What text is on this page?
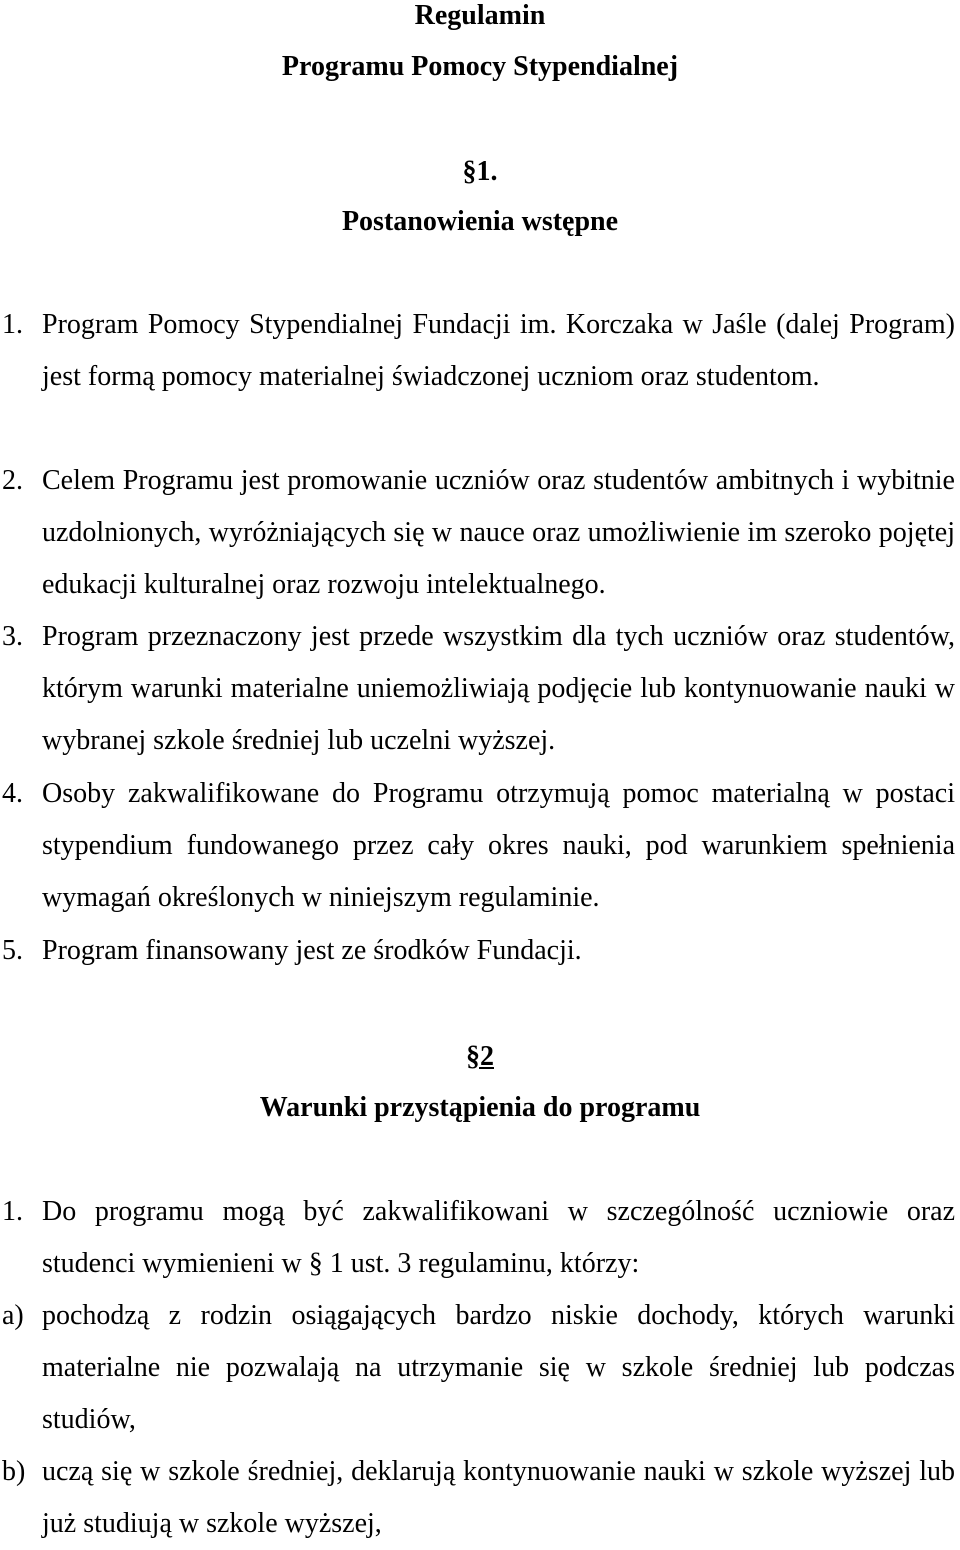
Regulamin
Programu Pomocy Stypendialnej
§1.
Postanowienia wstępne
1. Program Pomocy Stypendialnej Fundacji im. Korczaka w Jaśle (dalej Program) jest formą pomocy materialnej świadczonej uczniom oraz studentom.
2. Celem Programu jest promowanie uczniów oraz studentów ambitnych i wybitnie uzdolnionych, wyróżniających się w nauce oraz umożliwienie im szeroko pojętej edukacji kulturalnej oraz rozwoju intelektualnego.
3. Program przeznaczony jest przede wszystkim dla tych uczniów oraz studentów, którym warunki materialne uniemożliwiają podjęcie lub kontynuowanie nauki w wybranej szkole średniej lub uczelni wyższej.
4. Osoby zakwalifikowane do Programu otrzymują pomoc materialną w postaci stypendium fundowanego przez cały okres nauki, pod warunkiem spełnienia wymagań określonych w niniejszym regulaminie.
5. Program finansowany jest ze środków Fundacji.
§2
Warunki przystąpienia do programu
1. Do programu mogą być zakwalifikowani w szczególność uczniowie oraz studenci wymienieni w § 1 ust. 3 regulaminu, którzy:
a) pochodzą z rodzin osiągających bardzo niskie dochody, których warunki materialne nie pozwalają na utrzymanie się w szkole średniej lub podczas studiów,
b) uczą się w szkole średniej, deklarują kontynuowanie nauki w szkole wyższej lub już studiują w szkole wyższej,
